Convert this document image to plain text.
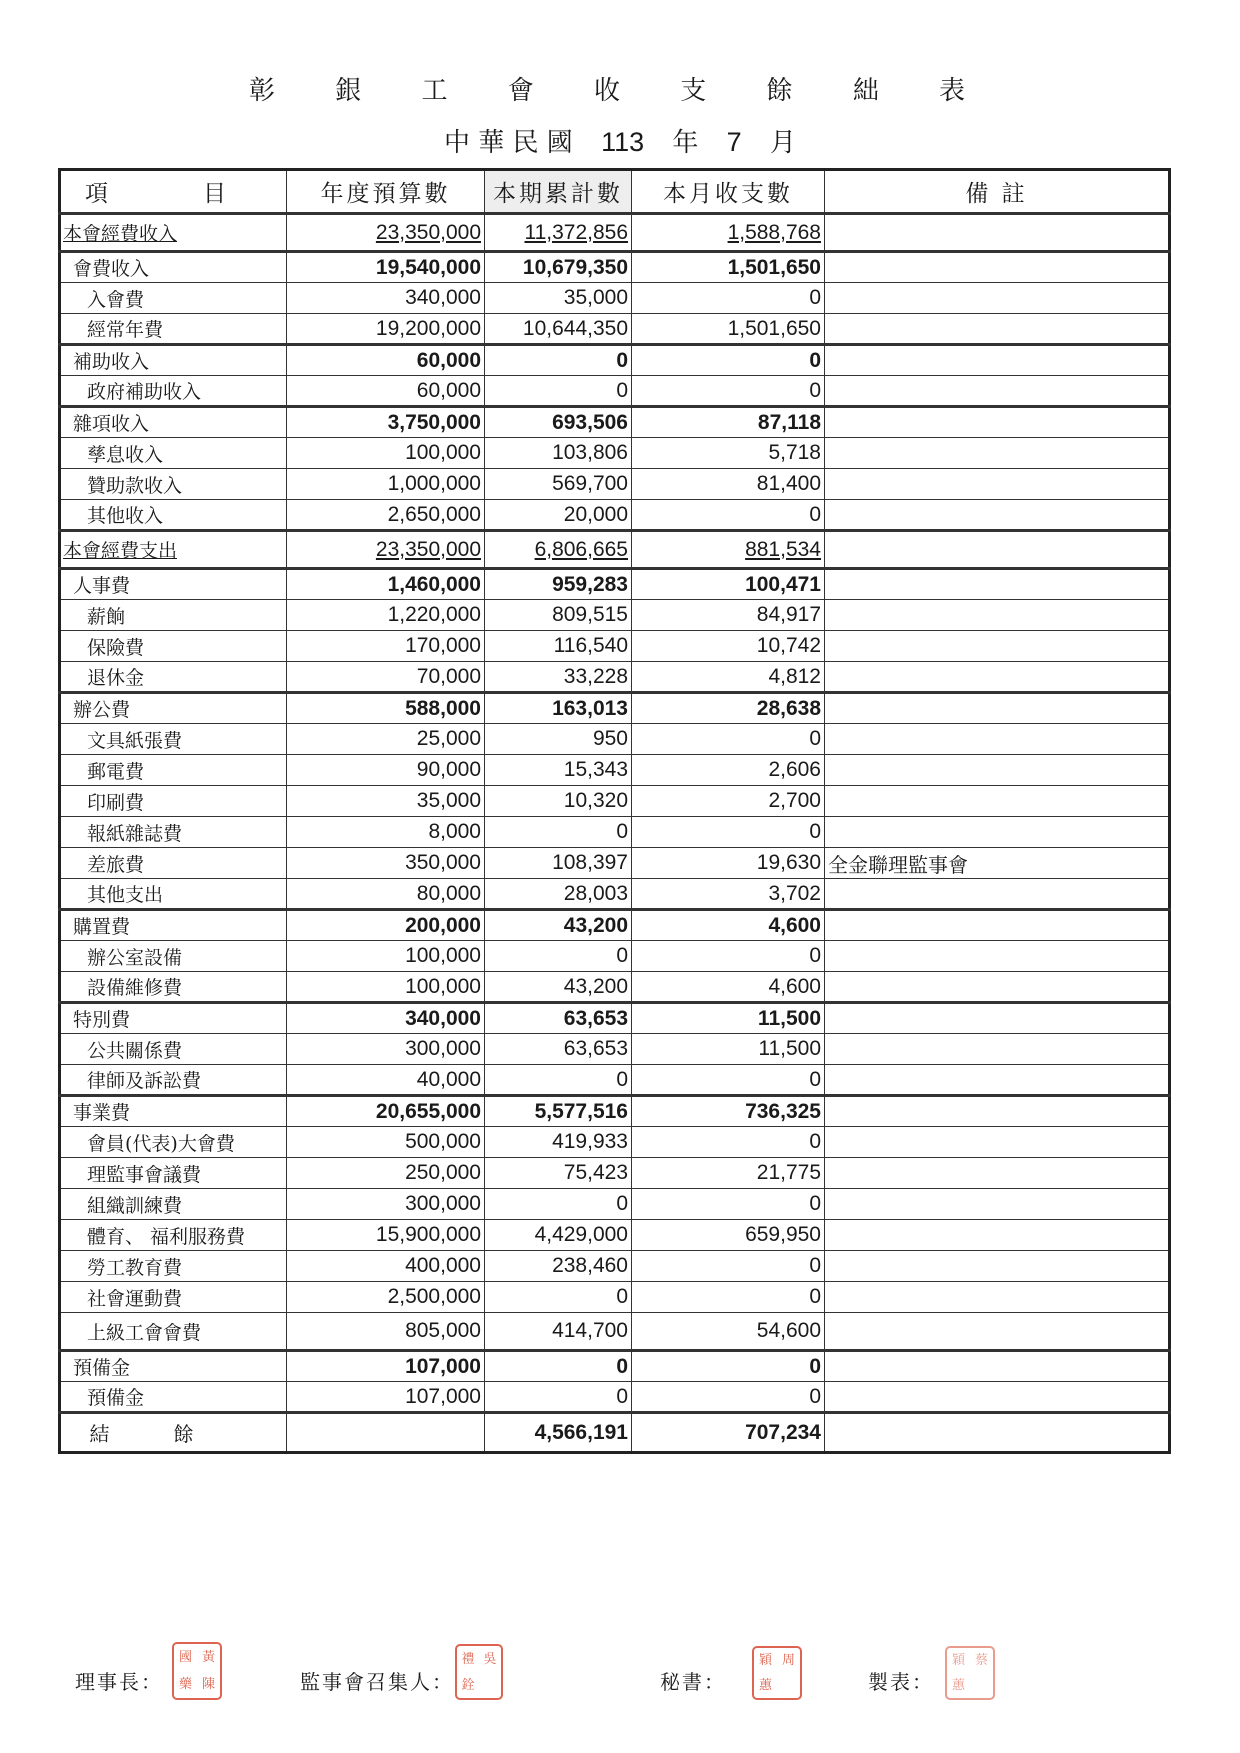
彰 銀 工 會 收 支 餘 絀 表
中 華 民 國 113 年 7 月
項　目	年度預算數	本期累計數	本月收支數	備 註
本會經費收入	23,350,000	11,372,856	1,588,768	
會費收入	19,540,000	10,679,350	1,501,650	
入會費	340,000	35,000	0	
經常年費	19,200,000	10,644,350	1,501,650	
補助收入	60,000	0	0	
政府補助收入	60,000	0	0	
雜項收入	3,750,000	693,506	87,118	
孳息收入	100,000	103,806	5,718	
贊助款收入	1,000,000	569,700	81,400	
其他收入	2,650,000	20,000	0	
本會經費支出	23,350,000	6,806,665	881,534	
人事費	1,460,000	959,283	100,471	
薪餉	1,220,000	809,515	84,917	
保險費	170,000	116,540	10,742	
退休金	70,000	33,228	4,812	
辦公費	588,000	163,013	28,638	
文具紙張費	25,000	950	0	
郵電費	90,000	15,343	2,606	
印刷費	35,000	10,320	2,700	
報紙雜誌費	8,000	0	0	
差旅費	350,000	108,397	19,630	全金聯理監事會
其他支出	80,000	28,003	3,702	
購置費	200,000	43,200	4,600	
辦公室設備	100,000	0	0	
設備維修費	100,000	43,200	4,600	
特別費	340,000	63,653	11,500	
公共關係費	300,000	63,653	11,500	
律師及訴訟費	40,000	0	0	
事業費	20,655,000	5,577,516	736,325	
會員(代表)大會費	500,000	419,933	0	
理監事會議費	250,000	75,423	21,775	
組織訓練費	300,000	0	0	
體育、 福利服務費	15,900,000	4,429,000	659,950	
勞工教育費	400,000	238,460	0	
社會運動費	2,500,000	0	0	
上級工會會費	805,000	414,700	54,600	
預備金	107,000	0	0	
預備金	107,000	0	0	
結餘		4,566,191	707,234	
理事長：
國 黃
藥 陳	監事會召集人：
禮 吳
銓	秘書：
穎 周
蕙	製表：
穎 蔡
蕙
